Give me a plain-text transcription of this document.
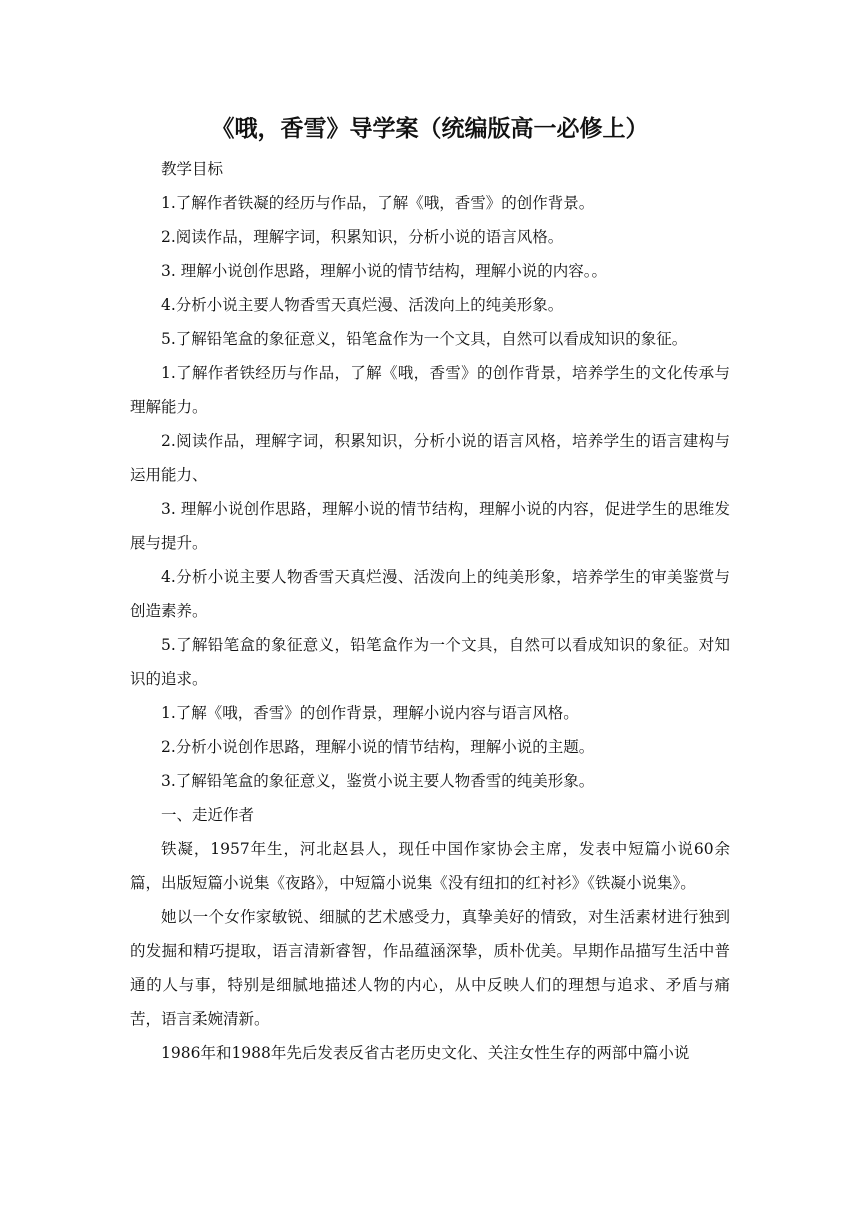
《哦，香雪》导学案（统编版高一必修上）

教学目标

1.了解作者铁凝的经历与作品，了解《哦，香雪》的创作背景。

2.阅读作品，理解字词，积累知识，分析小说的语言风格。

3. 理解小说创作思路，理解小说的情节结构，理解小说的内容。。

4.分析小说主要人物香雪天真烂漫、活泼向上的纯美形象。

5.了解铅笔盒的象征意义，铅笔盒作为一个文具，自然可以看成知识的象征。

1.了解作者铁经历与作品，了解《哦，香雪》的创作背景，培养学生的文化传承与理解能力。

2.阅读作品，理解字词，积累知识，分析小说的语言风格，培养学生的语言建构与运用能力、

3. 理解小说创作思路，理解小说的情节结构，理解小说的内容，促进学生的思维发展与提升。

4.分析小说主要人物香雪天真烂漫、活泼向上的纯美形象，培养学生的审美鉴赏与创造素养。

5.了解铅笔盒的象征意义，铅笔盒作为一个文具，自然可以看成知识的象征。对知识的追求。

1.了解《哦，香雪》的创作背景，理解小说内容与语言风格。

2.分析小说创作思路，理解小说的情节结构，理解小说的主题。

3.了解铅笔盒的象征意义，鉴赏小说主要人物香雪的纯美形象。

一、走近作者

铁凝，1957年生，河北赵县人，现任中国作家协会主席，发表中短篇小说60余篇，出版短篇小说集《夜路》，中短篇小说集《没有纽扣的红衬衫》《铁凝小说集》。

她以一个女作家敏锐、细腻的艺术感受力，真挚美好的情致，对生活素材进行独到的发掘和精巧提取，语言清新睿智，作品蕴涵深挚，质朴优美。早期作品描写生活中普通的人与事，特别是细腻地描述人物的内心，从中反映人们的理想与追求、矛盾与痛苦，语言柔婉清新。

1986年和1988年先后发表反省古老历史文化、关注女性生存的两部中篇小说
